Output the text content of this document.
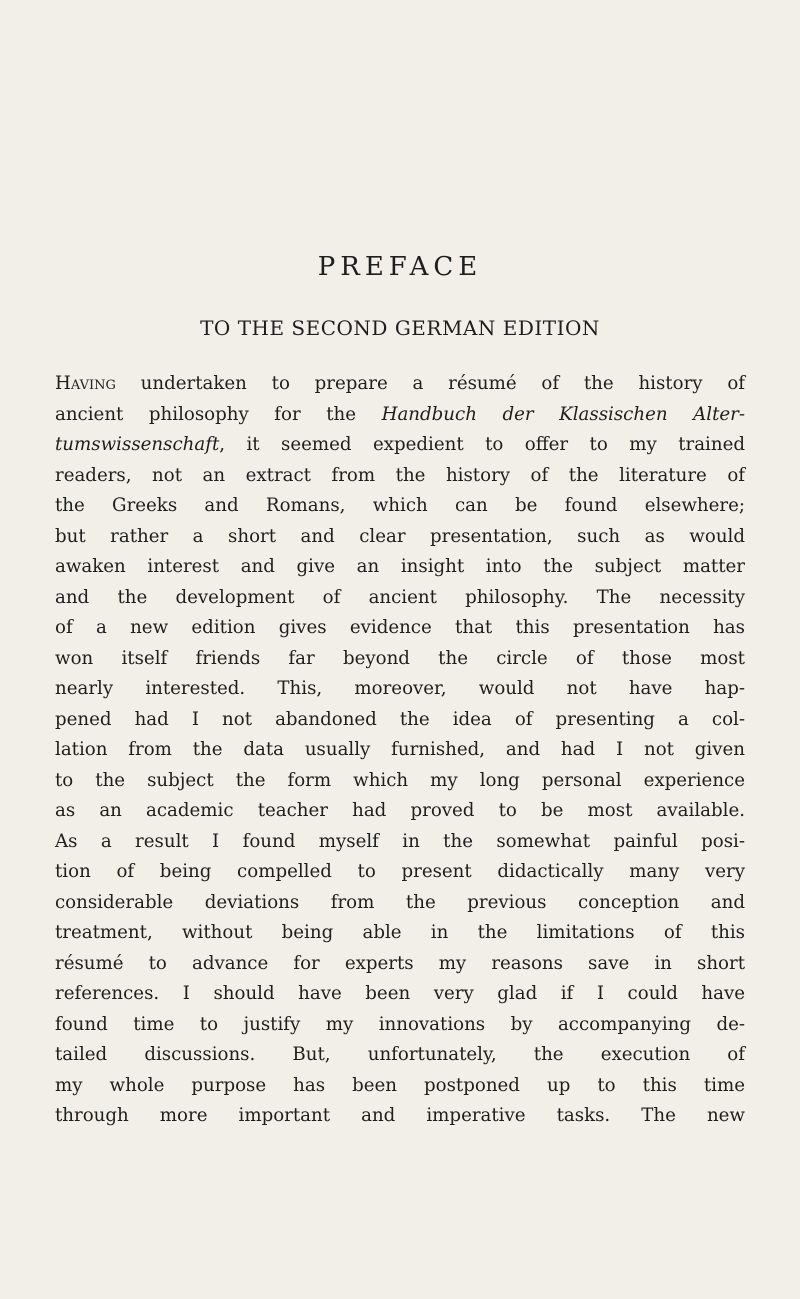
PREFACE
TO THE SECOND GERMAN EDITION
Having undertaken to prepare a résumé of the history of
ancient philosophy for the Handbuch der Klassischen Alter-
tumswissenschaft, it seemed expedient to offer to my trained
readers, not an extract from the history of the literature of
the Greeks and Romans, which can be found elsewhere;
but rather a short and clear presentation, such as would
awaken interest and give an insight into the subject matter
and the development of ancient philosophy. The necessity
of a new edition gives evidence that this presentation has
won itself friends far beyond the circle of those most
nearly interested. This, moreover, would not have hap-
pened had I not abandoned the idea of presenting a col-
lation from the data usually furnished, and had I not given
to the subject the form which my long personal experience
as an academic teacher had proved to be most available.
As a result I found myself in the somewhat painful posi-
tion of being compelled to present didactically many very
considerable deviations from the previous conception and
treatment, without being able in the limitations of this
résumé to advance for experts my reasons save in short
references. I should have been very glad if I could have
found time to justify my innovations by accompanying de-
tailed discussions. But, unfortunately, the execution of
my whole purpose has been postponed up to this time
through more important and imperative tasks. The new
